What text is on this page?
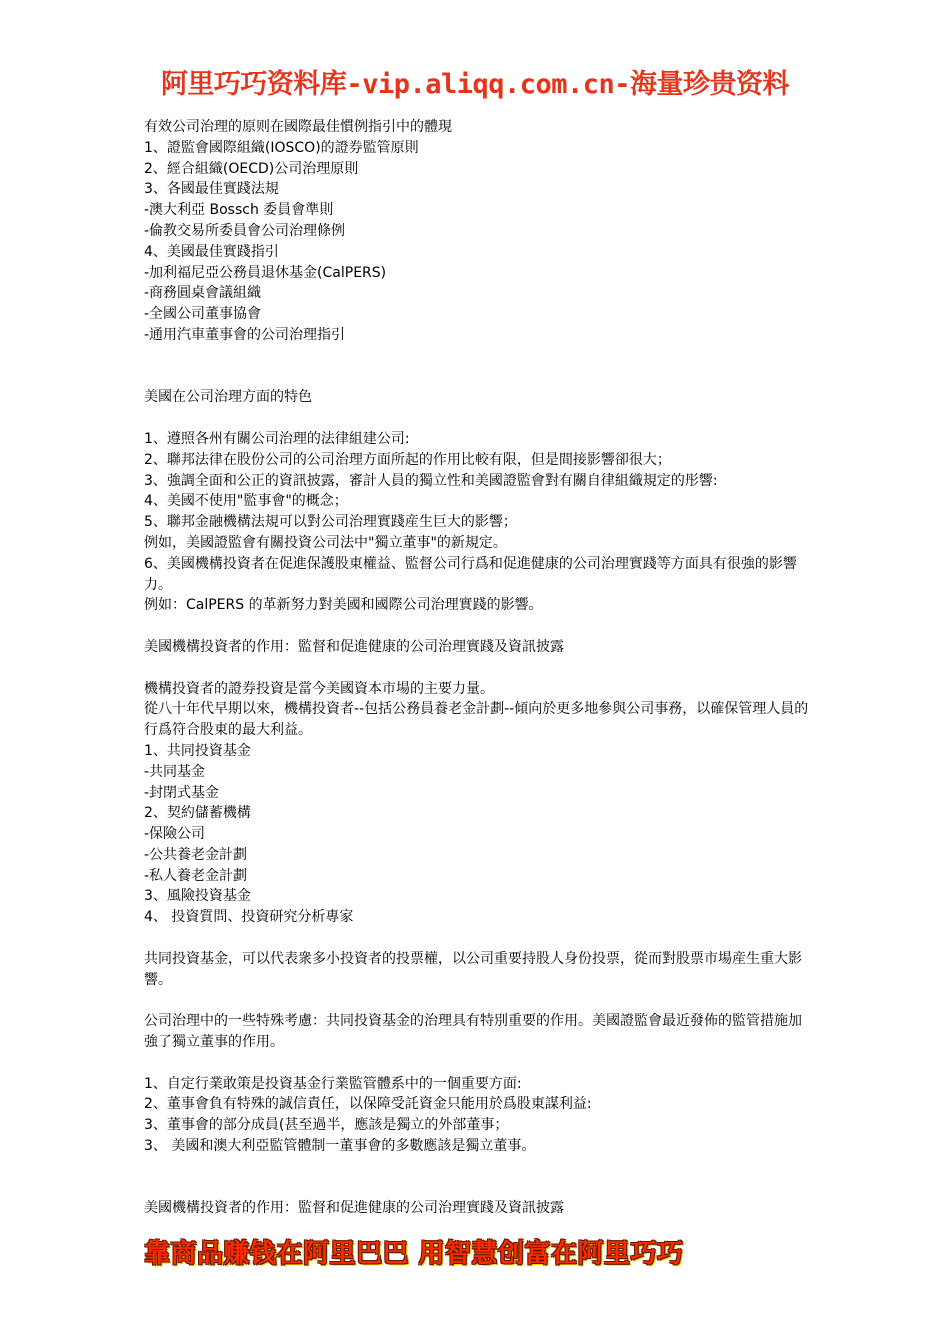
阿里巧巧资料库-vip.aliqq.com.cn-海量珍贵资料
有效公司治理的原则在國際最佳慣例指引中的體現
1、證監會國際組織(IOSCO)的證券監管原則
2、經合組織(OECD)公司治理原則
3、各國最佳實踐法規
-澳大利亞 Bossch 委員會準則
-倫教交易所委員會公司治理條例
4、美國最佳實踐指引
-加利福尼亞公務員退休基金(CalPERS)
-商務圓桌會議組織
-全國公司董事協會
-通用汽車董事會的公司治理指引
美國在公司治理方面的特色
1、遵照各州有關公司治理的法律組建公司:
2、聯邦法律在股份公司的公司治理方面所起的作用比較有限，但是間接影響卻很大；
3、強調全面和公正的資訊披露，審計人員的獨立性和美國證監會對有關自律組織規定的彤響:
4、美國不使用"監事會"的概念；
5、聯邦金融機構法規可以對公司治理實踐産生巨大的影響；
例如，美國證監會有關投資公司法中"獨立董事"的新規定。
6、美國機構投資者在促進保護股東權益、監督公司行爲和促進健康的公司治理實踐等方面具有很強的影響力。
例如：CalPERS 的革新努力對美國和國際公司治理實踐的影響。
美國機構投資者的作用：監督和促進健康的公司治理實踐及資訊披露
機構投資者的證券投資是當今美國資本市場的主要力量。
從八十年代早期以來，機構投資者--包括公務員養老金計劃--傾向於更多地參與公司事務，以確保管理人員的行爲符合股東的最大利益。
1、共同投資基金
-共同基金
-封閉式基金
2、契約儲蓄機構
-保險公司
-公共養老金計劃
-私人養老金計劃
3、風險投資基金
4、 投資質問、投資研究分析專家
共同投資基金，可以代表衆多小投資者的投票權，以公司重要持股人身份投票，從而對股票市場産生重大影響。
公司治理中的一些特殊考慮：共同投資基金的治理具有特別重要的作用。美國證監會最近發佈的監管措施加強了獨立董事的作用。
1、自定行業敢策是投資基金行業監管體系中的一個重要方面:
2、董事會負有特殊的誠信責任，以保障受託資金只能用於爲股東謀利益:
3、董事會的部分成員(甚至過半，應該是獨立的外部董事；
3、 美國和澳大利亞監管體制一董事會的多數應該是獨立董事。
美國機構投資者的作用：監督和促進健康的公司治理實踐及資訊披露
靠商品赚钱在阿里巴巴 用智慧创富在阿里巧巧
